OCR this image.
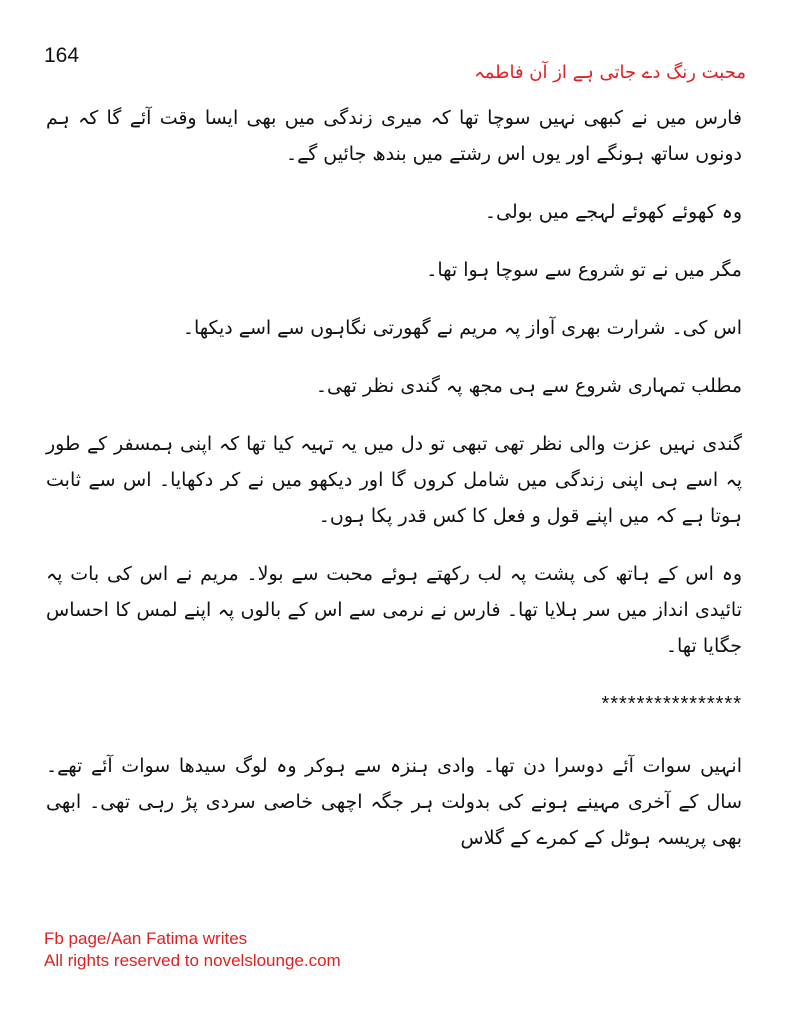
164
محبت رنگ دے جاتی ہے از آن فاطمہ

فارس میں نے کبھی نہیں سوچا تھا کہ میری زندگی میں بھی ایسا وقت آئے گا کہ ہم دونوں ساتھ ہونگے اور یوں اس رشتے میں بندھ جائیں گے۔

وہ کھوئے کھوئے لہجے میں بولی۔

مگر میں نے تو شروع سے سوچا ہوا تھا۔

اس کی۔ شرارت بھری آواز پہ مریم نے گھورتی نگاہوں سے اسے دیکھا۔

مطلب تمہاری شروع سے ہی مجھ پہ گندی نظر تھی۔

گندی نہیں عزت والی نظر تھی تبھی تو دل میں یہ تہیہ کیا تھا کہ اپنی ہمسفر کے طور پہ اسے ہی اپنی زندگی میں شامل کروں گا اور دیکھو میں نے کر دکھایا۔ اس سے ثابت ہوتا ہے کہ میں اپنے قول و فعل کا کس قدر پکا ہوں۔

وہ اس کے ہاتھ کی پشت پہ لب رکھتے ہوئے محبت سے بولا۔ مریم نے اس کی بات پہ تائیدی انداز میں سر ہلایا تھا۔ فارس نے نرمی سے اس کے بالوں پہ اپنے لمس کا احساس جگایا تھا۔

****************

انہیں سوات آئے دوسرا دن تھا۔ وادی ہنزہ سے ہوکر وہ لوگ سیدھا سوات آئے تھے۔ سال کے آخری مہینے ہونے کی بدولت ہر جگہ اچھی خاصی سردی پڑ رہی تھی۔ ابھی بھی پریسہ ہوٹل کے کمرے کے گلاس

Fb page/Aan Fatima writes
All rights reserved to novelslounge.com
